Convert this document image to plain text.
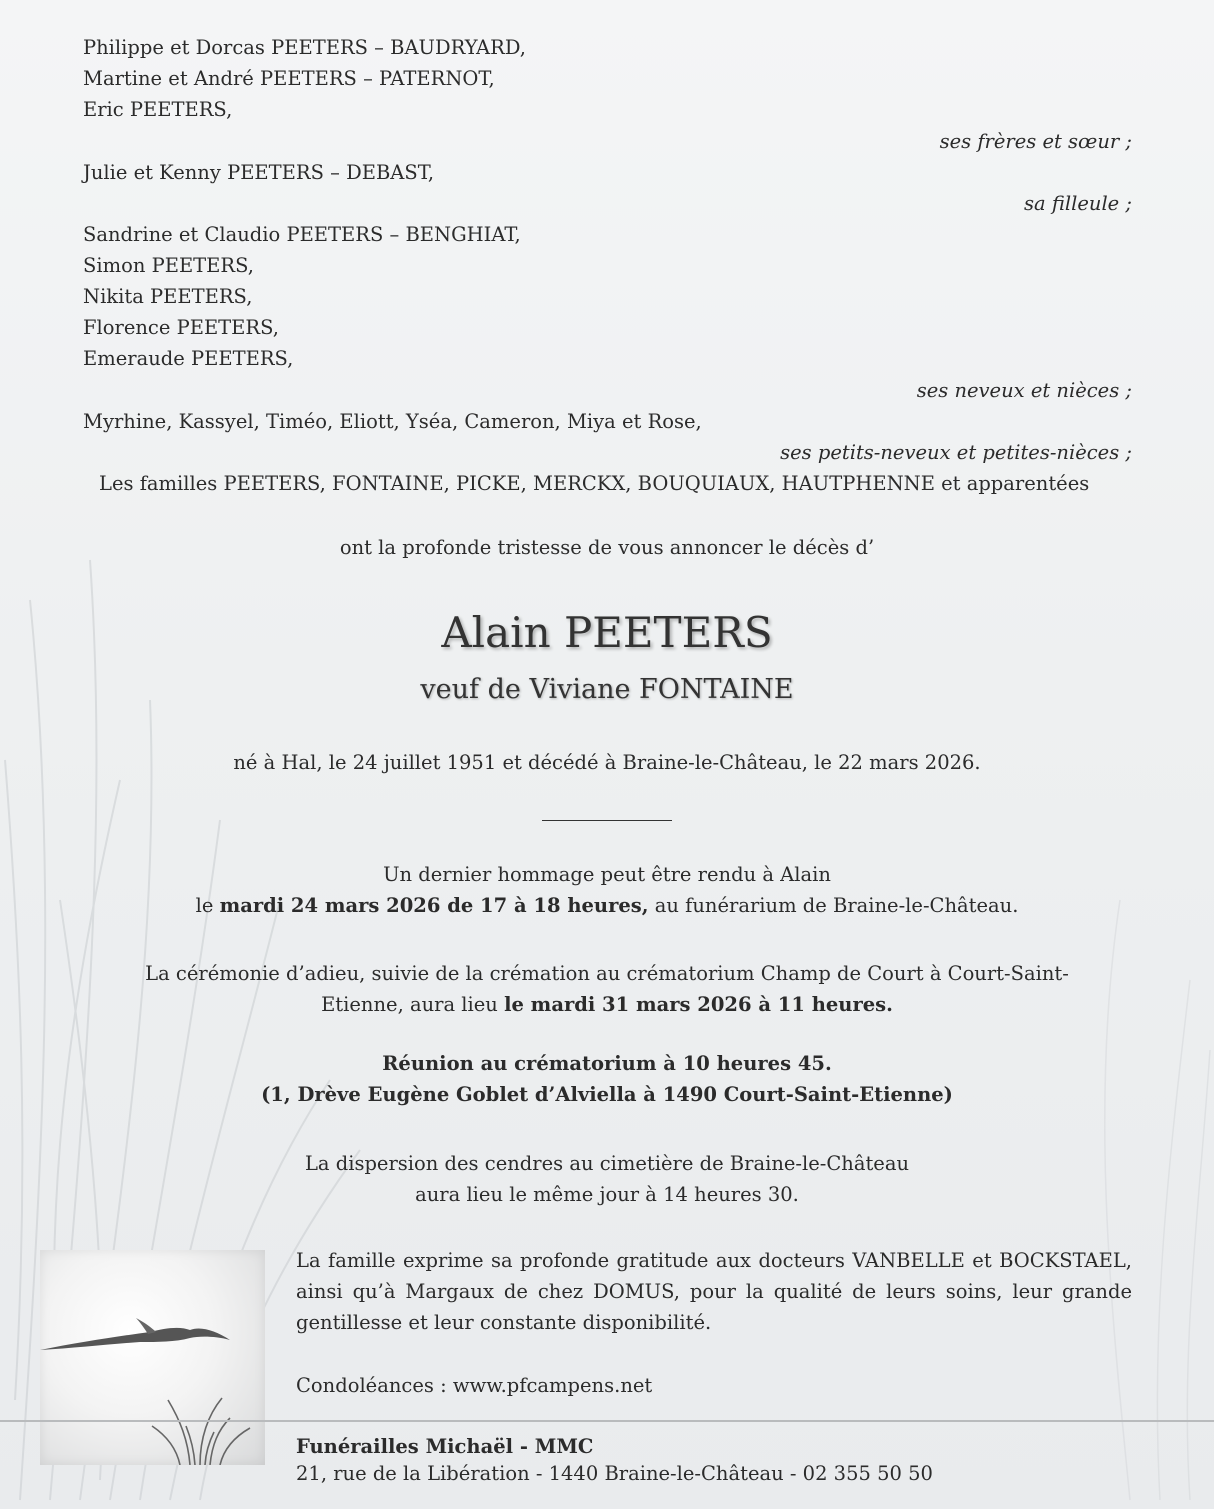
Philippe et Dorcas PEETERS – BAUDRYARD,
Martine et André PEETERS – PATERNOT,
Eric PEETERS,
ses frères et sœur ;
Julie et Kenny PEETERS – DEBAST,
sa filleule ;
Sandrine et Claudio PEETERS – BENGHIAT,
Simon PEETERS,
Nikita PEETERS,
Florence PEETERS,
Emeraude PEETERS,
ses neveux et nièces ;
Myrhine, Kassyel, Timéo, Eliott, Yséa, Cameron, Miya et Rose,
ses petits-neveux et petites-nièces ;
Les familles PEETERS, FONTAINE, PICKE, MERCKX, BOUQUIAUX, HAUTPHENNE et apparentées
ont la profonde tristesse de vous annoncer le décès d’
Alain PEETERS
veuf de Viviane FONTAINE
né à Hal, le 24 juillet 1951 et décédé à Braine-le-Château, le 22 mars 2026.
Un dernier hommage peut être rendu à Alain
le mardi 24 mars 2026 de 17 à 18 heures, au funérarium de Braine-le-Château.
La cérémonie d’adieu, suivie de la crémation au crématorium Champ de Court à Court-Saint-
Etienne, aura lieu le mardi 31 mars 2026 à 11 heures.
Réunion au crématorium à 10 heures 45.
(1, Drève Eugène Goblet d’Alviella à 1490 Court-Saint-Etienne)
La dispersion des cendres au cimetière de Braine-le-Château
aura lieu le même jour à 14 heures 30.
La famille exprime sa profonde gratitude aux docteurs VANBELLE et BOCKSTAEL, ainsi qu’à Margaux de chez DOMUS, pour la qualité de leurs soins, leur grande gentillesse et leur constante disponibilité.
Condoléances : www.pfcampens.net
Funérailles Michaël - MMC
21, rue de la Libération - 1440 Braine-le-Château - 02 355 50 50
